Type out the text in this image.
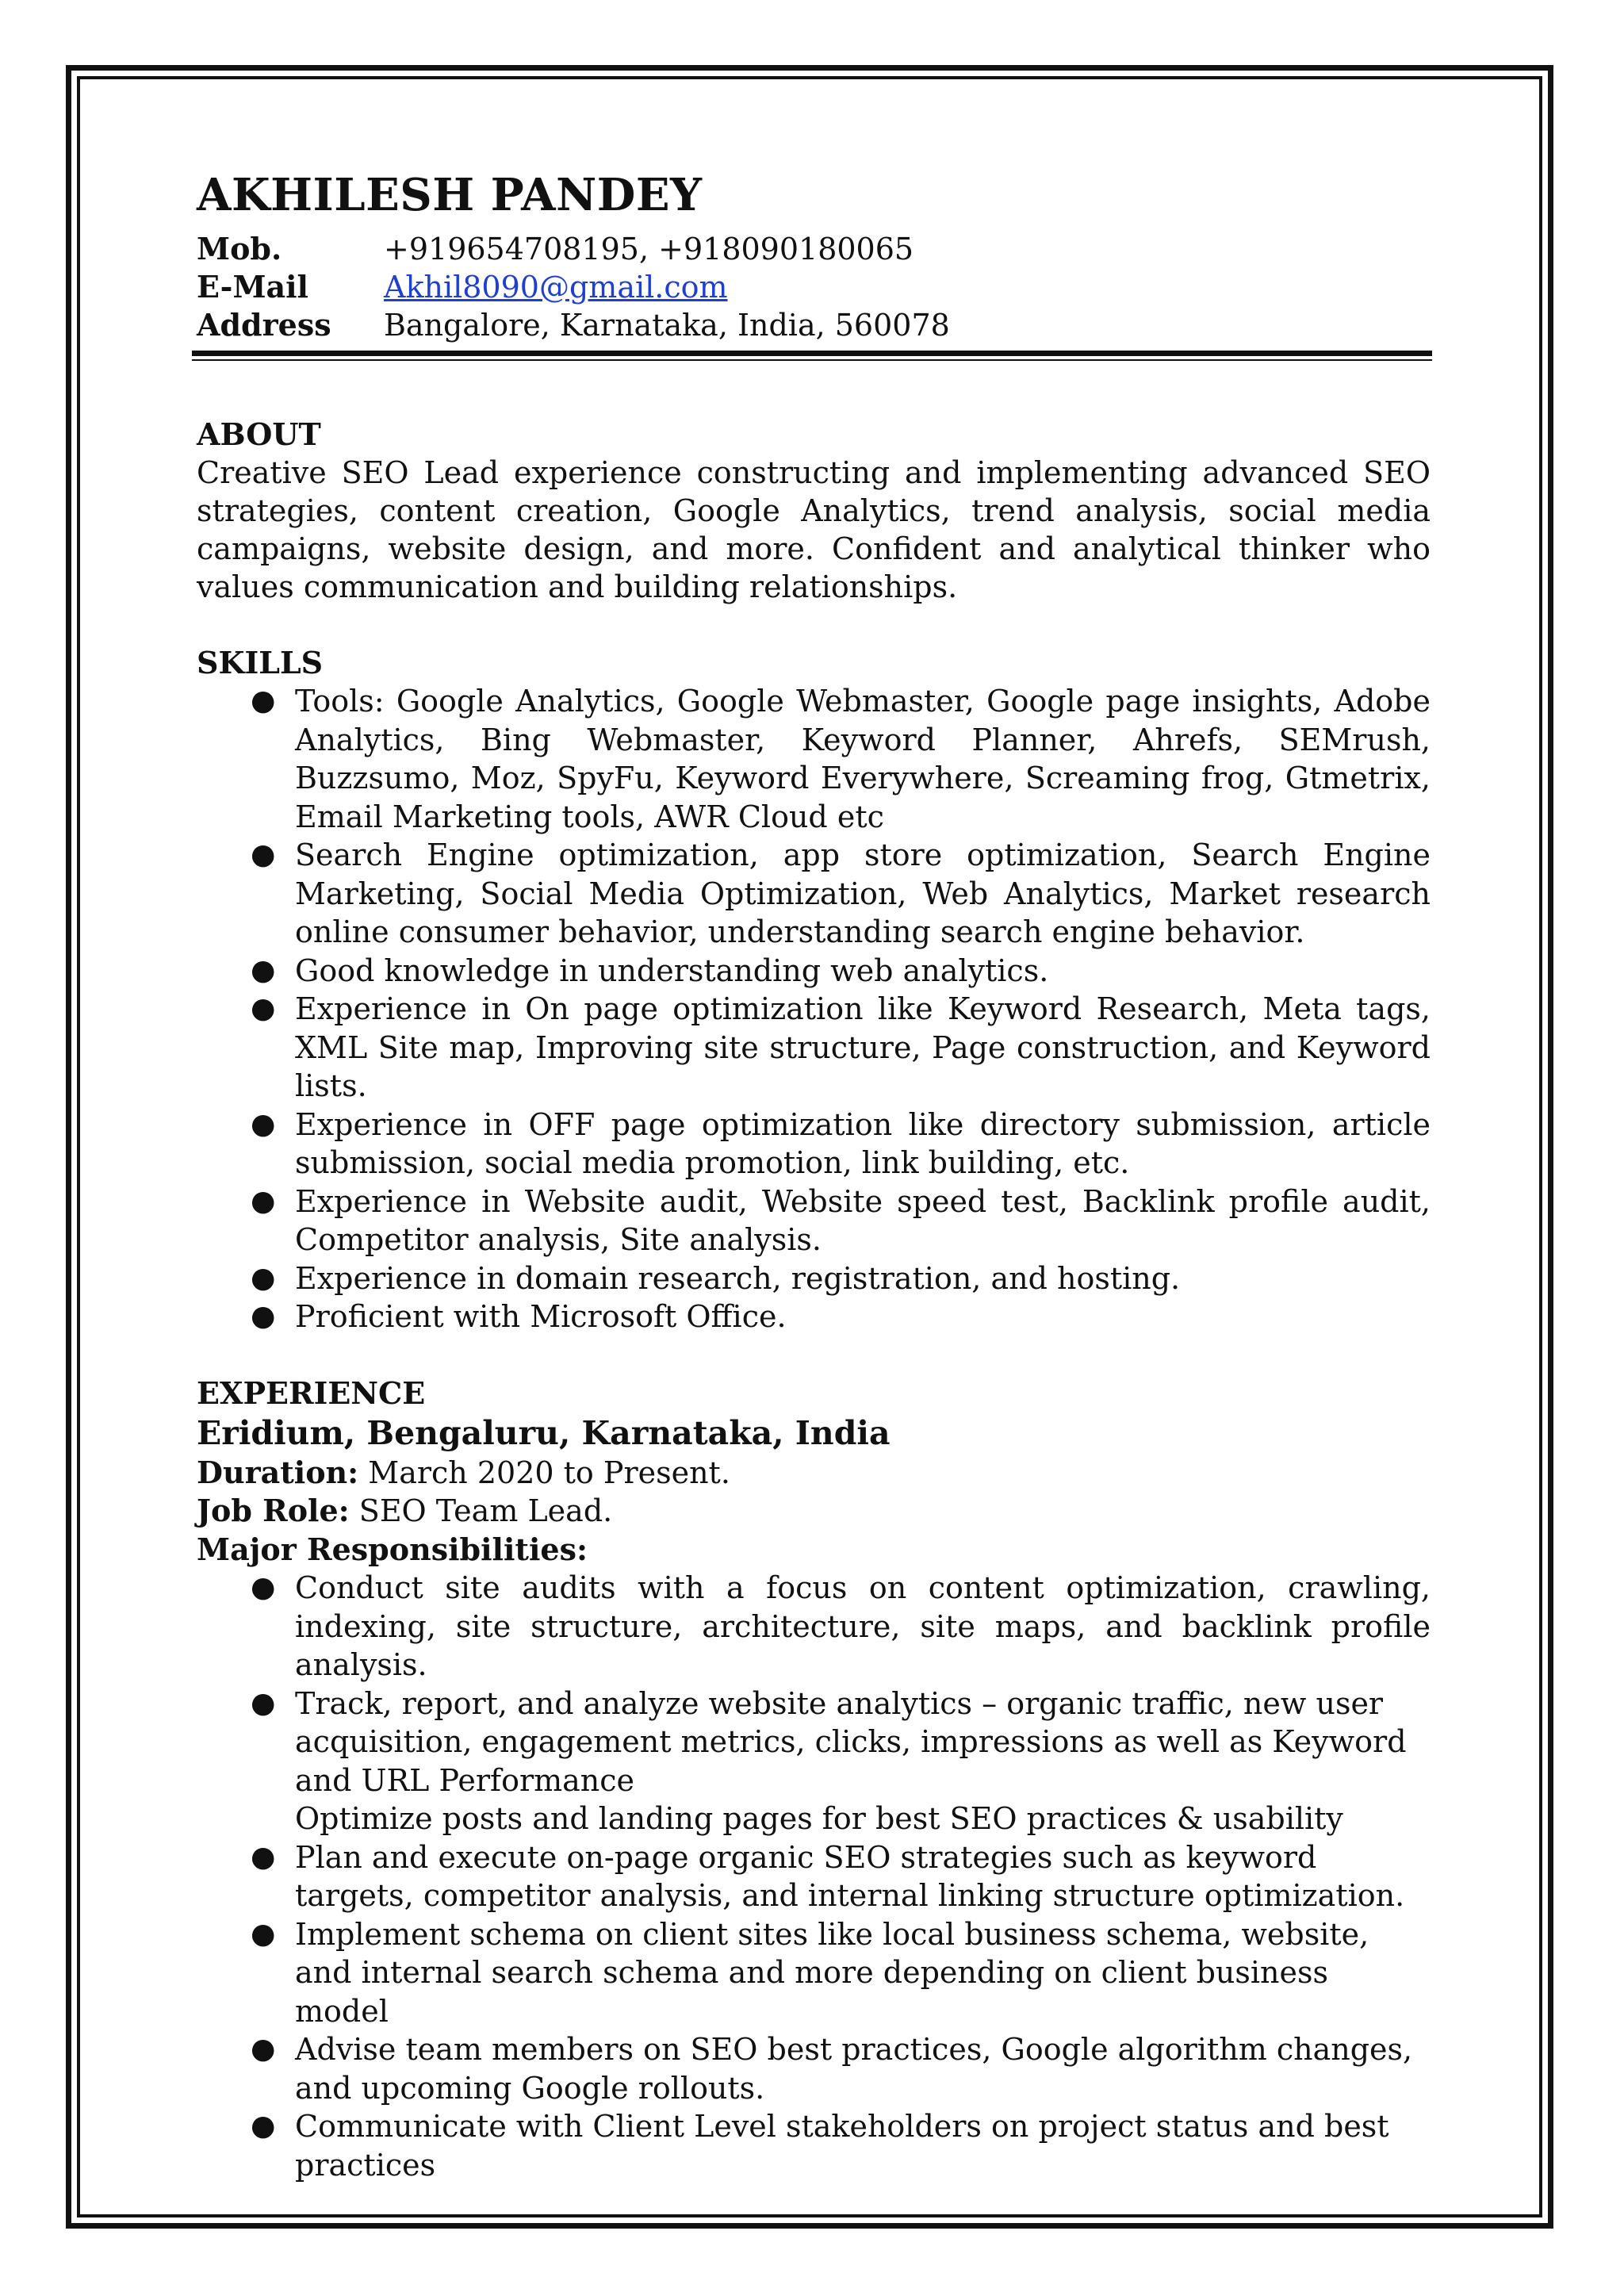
AKHILESH PANDEY
Mob.	+919654708195, +918090180065
E-Mail	Akhil8090@gmail.com
Address	Bangalore, Karnataka, India, 560078
ABOUT

Creative SEO Lead experience constructing and implementing advanced SEO strategies, content creation, Google Analytics, trend analysis, social media campaigns, website design, and more. Confident and analytical thinker who values communication and building relationships.

SKILLS
● Tools: Google Analytics, Google Webmaster, Google page insights, Adobe Analytics, Bing Webmaster, Keyword Planner, Ahrefs, SEMrush, Buzzsumo, Moz, SpyFu, Keyword Everywhere, Screaming frog, Gtmetrix, Email Marketing tools, AWR Cloud etc
● Search Engine optimization, app store optimization, Search Engine Marketing, Social Media Optimization, Web Analytics, Market research online consumer behavior, understanding search engine behavior.
● Good knowledge in understanding web analytics.
● Experience in On page optimization like Keyword Research, Meta tags, XML Site map, Improving site structure, Page construction, and Keyword lists.
● Experience in OFF page optimization like directory submission, article submission, social media promotion, link building, etc.
● Experience in Website audit, Website speed test, Backlink profile audit, Competitor analysis, Site analysis.
● Experience in domain research, registration, and hosting.
● Proficient with Microsoft Office.
EXPERIENCE
Eridium, Bengaluru, Karnataka, India
Duration: March 2020 to Present.
Job Role: SEO Team Lead.
Major Responsibilities:
● Conduct site audits with a focus on content optimization, crawling, indexing, site structure, architecture, site maps, and backlink profile analysis.
● Track, report, and analyze website analytics – organic traffic, new user acquisition, engagement metrics, clicks, impressions as well as Keyword and URL Performance
Optimize posts and landing pages for best SEO practices & usability
● Plan and execute on-page organic SEO strategies such as keyword targets, competitor analysis, and internal linking structure optimization.
● Implement schema on client sites like local business schema, website, and internal search schema and more depending on client business model
● Advise team members on SEO best practices, Google algorithm changes, and upcoming Google rollouts.
● Communicate with Client Level stakeholders on project status and best practices
